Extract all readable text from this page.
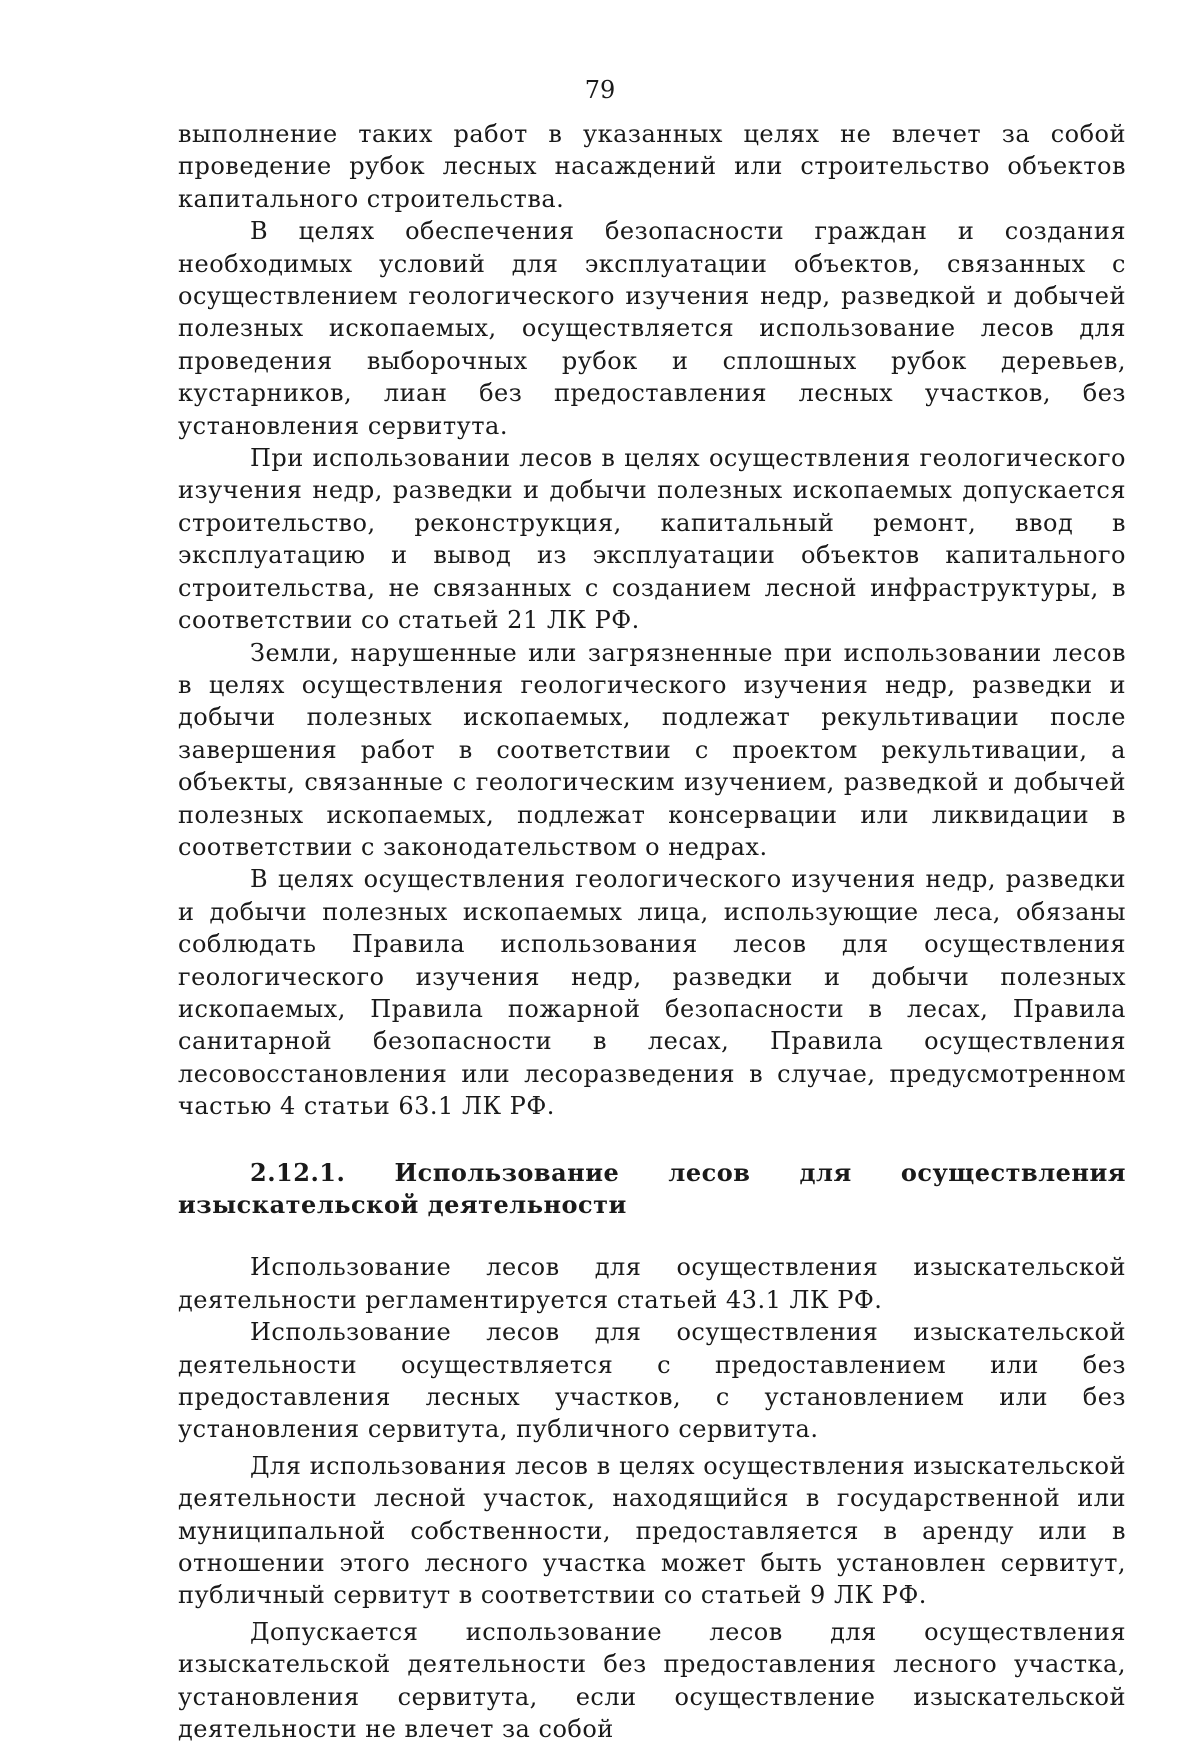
79

выполнение таких работ в указанных целях не влечет за собой проведение рубок лесных насаждений или строительство объектов капитального строительства.

В целях обеспечения безопасности граждан и создания необходимых условий для эксплуатации объектов, связанных с осуществлением геологического изучения недр, разведкой и добычей полезных ископаемых, осуществляется использование лесов для проведения выборочных рубок и сплошных рубок деревьев, кустарников, лиан без предоставления лесных участков, без установления сервитута.

При использовании лесов в целях осуществления геологического изучения недр, разведки и добычи полезных ископаемых допускается строительство, реконструкция, капитальный ремонт, ввод в эксплуатацию и вывод из эксплуатации объектов капитального строительства, не связанных с созданием лесной инфраструктуры, в соответствии со статьей 21 ЛК РФ.

Земли, нарушенные или загрязненные при использовании лесов в целях осуществления геологического изучения недр, разведки и добычи полезных ископаемых, подлежат рекультивации после завершения работ в соответствии с проектом рекультивации, а объекты, связанные с геологическим изучением, разведкой и добычей полезных ископаемых, подлежат консервации или ликвидации в соответствии с законодательством о недрах.

В целях осуществления геологического изучения недр, разведки и добычи полезных ископаемых лица, использующие леса, обязаны соблюдать Правила использования лесов для осуществления геологического изучения недр, разведки и добычи полезных ископаемых, Правила пожарной безопасности в лесах, Правила санитарной безопасности в лесах, Правила осуществления лесовосстановления или лесоразведения в случае, предусмотренном частью 4 статьи 63.1 ЛК РФ.

2.12.1. Использование лесов для осуществления изыскательской деятельности

Использование лесов для осуществления изыскательской деятельности регламентируется статьей 43.1 ЛК РФ.

Использование лесов для осуществления изыскательской деятельности осуществляется с предоставлением или без предоставления лесных участков, с установлением или без установления сервитута, публичного сервитута.

Для использования лесов в целях осуществления изыскательской деятельности лесной участок, находящийся в государственной или муниципальной собственности, предоставляется в аренду или в отношении этого лесного участка может быть установлен сервитут, публичный сервитут в соответствии со статьей 9 ЛК РФ.

Допускается использование лесов для осуществления изыскательской деятельности без предоставления лесного участка, установления сервитута, если осуществление изыскательской деятельности не влечет за собой
